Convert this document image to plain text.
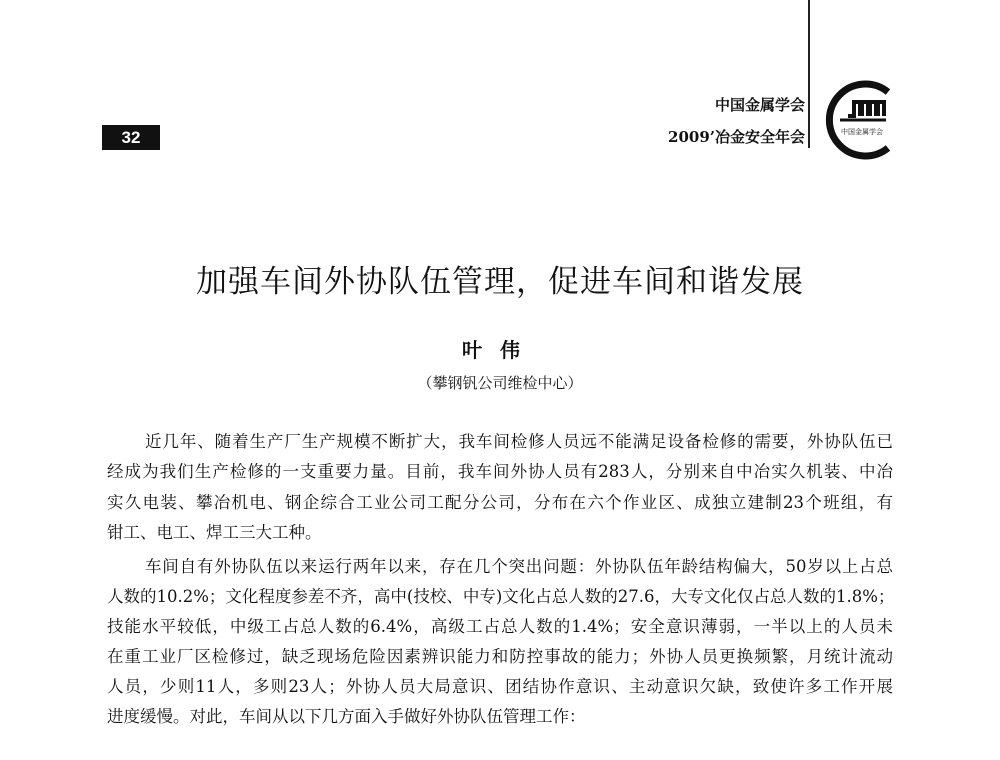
32
中国金属学会
2009’冶金安全年会	中国金属学会
加强车间外协队伍管理，促进车间和谐发展
叶伟
（攀钢钒公司维检中心）
近几年、随着生产厂生产规模不断扩大，我车间检修人员远不能满足设备检修的需要，外协队伍已
经成为我们生产检修的一支重要力量。目前，我车间外协人员有283人，分别来自中冶实久机装、中冶
实久电装、攀冶机电、钢企综合工业公司工配分公司，分布在六个作业区、成独立建制23个班组，有
钳工、电工、焊工三大工种。
车间自有外协队伍以来运行两年以来，存在几个突出问题：外协队伍年龄结构偏大，50岁以上占总
人数的10.2%；文化程度参差不齐，高中(技校、中专)文化占总人数的27.6，大专文化仅占总人数的1.8%；
技能水平较低，中级工占总人数的6.4%，高级工占总人数的1.4%；安全意识薄弱，一半以上的人员未
在重工业厂区检修过，缺乏现场危险因素辨识能力和防控事故的能力；外协人员更换频繁，月统计流动
人员，少则11人，多则23人；外协人员大局意识、团结协作意识、主动意识欠缺，致使许多工作开展
进度缓慢。对此，车间从以下几方面入手做好外协队伍管理工作：
